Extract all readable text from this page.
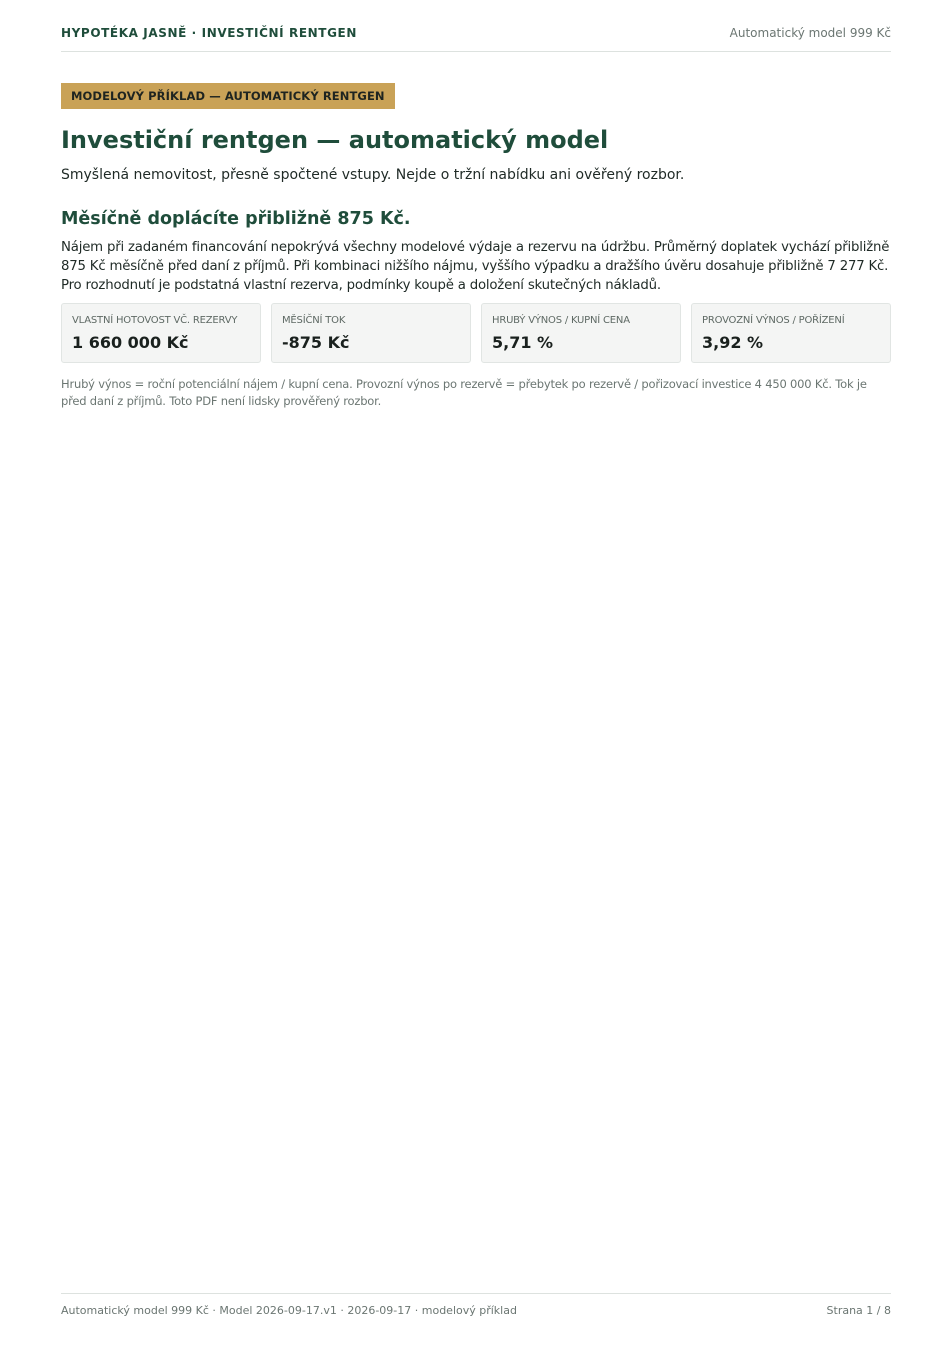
HYPOTÉKA JASNĚ · INVESTIČNÍ RENTGEN	Automatický model 999 Kč
MODELOVÝ PŘÍKLAD — AUTOMATICKÝ RENTGEN
Investiční rentgen — automatický model

Smyšlená nemovitost, přesně spočtené vstupy. Nejde o tržní nabídku ani ověřený rozbor.

Měsíčně doplácíte přibližně 875 Kč.

Nájem při zadaném financování nepokrývá všechny modelové výdaje a rezervu na údržbu. Průměrný doplatek vychází přibližně 875 Kč měsíčně před daní z příjmů. Při kombinaci nižšího nájmu, vyššího výpadku a dražšího úvěru dosahuje přibližně 7 277 Kč. Pro rozhodnutí je podstatná vlastní rezerva, podmínky koupě a doložení skutečných nákladů.

VLASTNÍ HOTOVOST VČ. REZERVY
1 660 000 Kč
MĚSÍČNÍ TOK
-875 Kč
HRUBÝ VÝNOS / KUPNÍ CENA
5,71 %
PROVOZNÍ VÝNOS / POŘÍZENÍ
3,92 %

Hrubý výnos = roční potenciální nájem / kupní cena. Provozní výnos po rezervě = přebytek po rezervě / pořizovací investice 4 450 000 Kč. Tok je před daní z příjmů. Toto PDF není lidsky prověřený rozbor.

Automatický model 999 Kč · Model 2026-09-17.v1 · 2026-09-17 · modelový příklad	Strana 1 / 8
